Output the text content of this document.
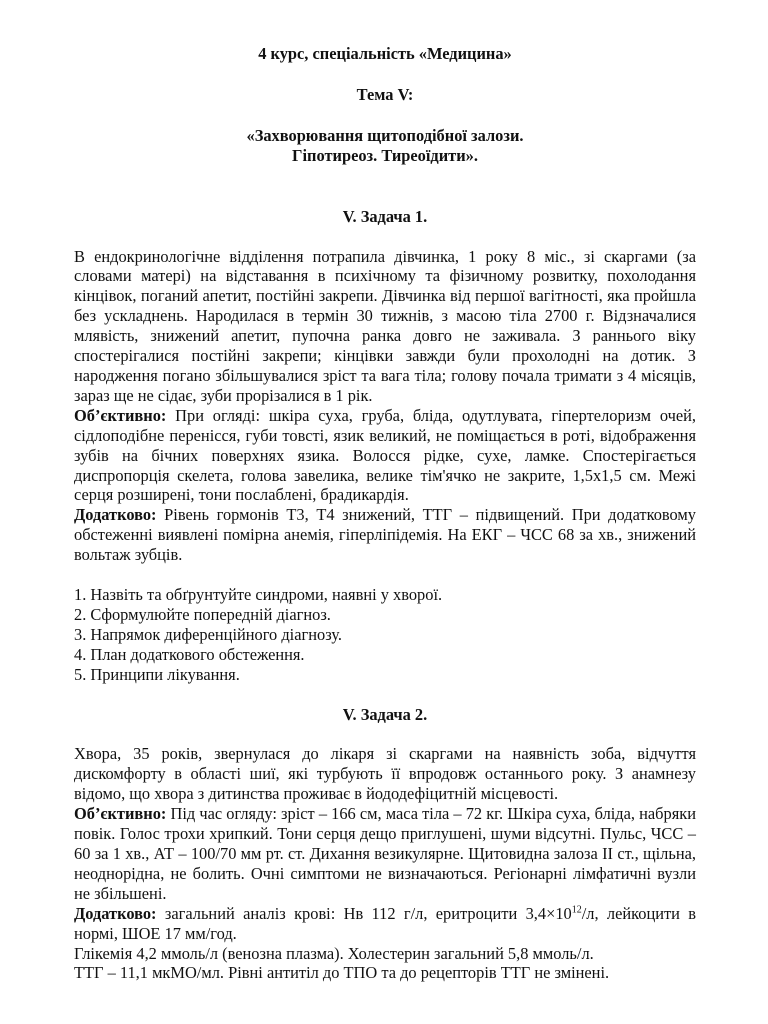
4 курс, спеціальність «Медицина»

Тема V:

«Захворювання щитоподібної залози.
Гіпотиреоз. Тиреоїдити».

V. Задача 1.

В ендокринологічне відділення потрапила дівчинка, 1 року 8 міс., зі скаргами (за словами матері) на відставання в психічному та фізичному розвитку, похолодання кінцівок, поганий апетит, постійні закрепи. Дівчинка від першої вагітності, яка пройшла без ускладнень. Народилася в термін 30 тижнів, з масою тіла 2700 г. Відзначалися млявість, знижений апетит, пупочна ранка довго не заживала. З раннього віку спостерігалися постійні закрепи; кінцівки завжди були прохолодні на дотик. З народження погано збільшувалися зріст та вага тіла; голову почала тримати з 4 місяців, зараз ще не сідає, зуби прорізалися в 1 рік.

Об’єктивно: При огляді: шкіра суха, груба, бліда, одутлувата, гіпертелоризм очей, сідлоподібне перенісся, губи товсті, язик великий, не поміщається в роті, відображення зубів на бічних поверхнях язика. Волосся рідке, сухе, ламке. Спостерігається диспропорція скелета, голова завелика, велике тім'ячко не закрите, 1,5х1,5 см. Межі серця розширені, тони послаблені, брадикардія.

Додатково: Рівень гормонів Т3, Т4 знижений, ТТГ – підвищений. При додатковому обстеженні виявлені помірна анемія, гіперліпідемія. На ЕКГ – ЧСС 68 за хв., знижений вольтаж зубців.

1. Назвіть та обґрунтуйте синдроми, наявні у хворої.
2. Сформулюйте попередній діагноз.
3. Напрямок диференційного діагнозу.
4. План додаткового обстеження.
5. Принципи лікування.

V. Задача 2.

Хвора, 35 років, звернулася до лікаря зі скаргами на наявність зоба, відчуття дискомфорту в області шиї, які турбують її впродовж останнього року. З анамнезу відомо, що хвора з дитинства проживає в йододефіцитній місцевості.

Об’єктивно: Під час огляду: зріст – 166 см, маса тіла – 72 кг. Шкіра суха, бліда, набряки повік. Голос трохи хрипкий. Тони серця дещо приглушені, шуми відсутні. Пульс, ЧСС – 60 за 1 хв., АТ – 100/70 мм рт. ст. Дихання везикулярне. Щитовидна залоза ІІ ст., щільна, неоднорідна, не болить. Очні симптоми не визначаються. Регіонарні лімфатичні вузли не збільшені.

Додатково: загальний аналіз крові: Нв 112 г/л, еритроцити $3,4\times 10^{12}/л$, лейкоцити в нормі, ШОЕ 17 мм/год.

Глікемія 4,2 ммоль/л (венозна плазма). Холестерин загальний 5,8 ммоль/л.

ТТГ – 11,1 мкМО/мл. Рівні антитіл до ТПО та до рецепторів ТТГ не змінені.
